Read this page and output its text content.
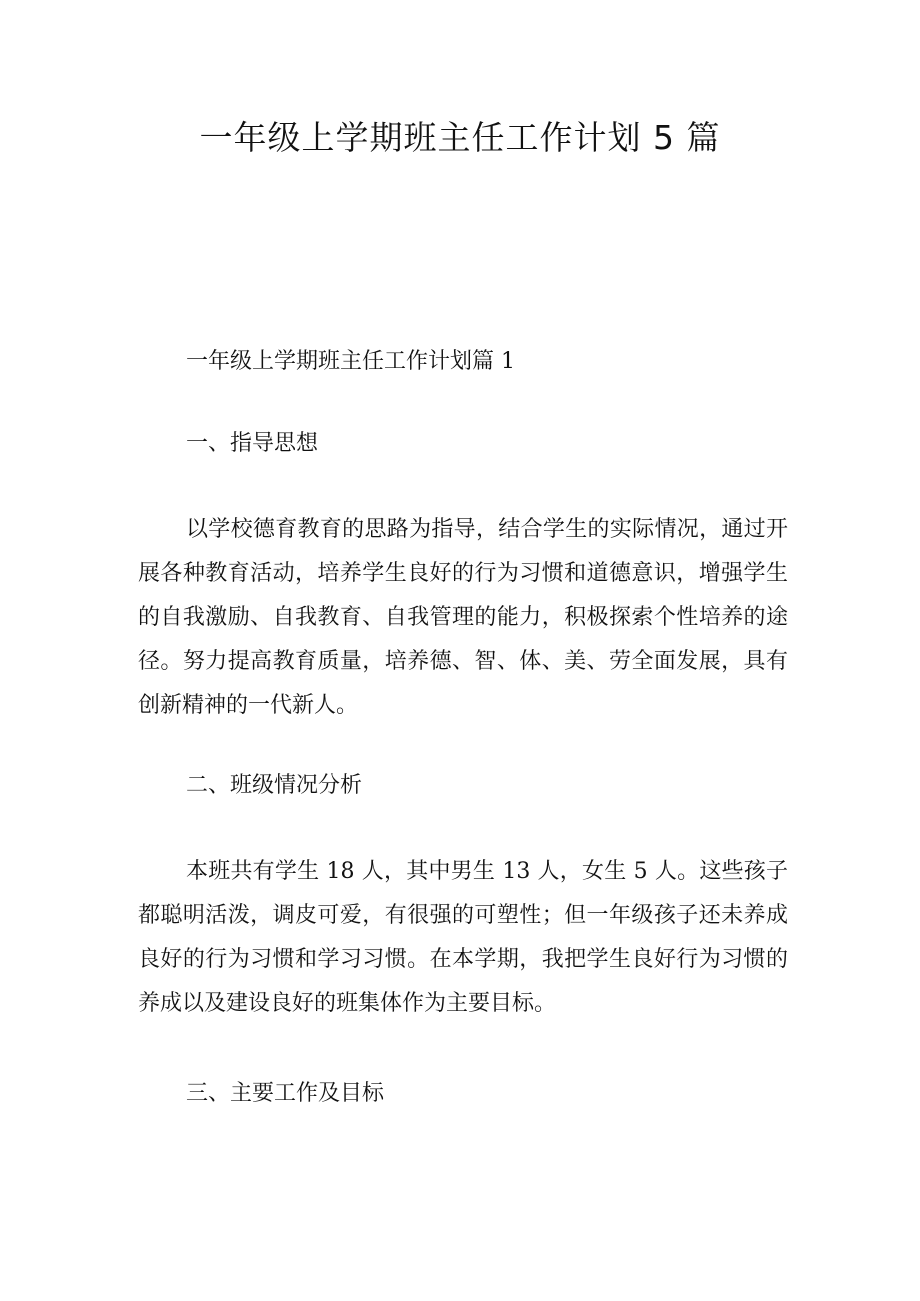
一年级上学期班主任工作计划 5 篇

一年级上学期班主任工作计划篇 1

一、指导思想

以学校德育教育的思路为指导，结合学生的实际情况，通过开展各种教育活动，培养学生良好的行为习惯和道德意识，增强学生的自我激励、自我教育、自我管理的能力，积极探索个性培养的途径。努力提高教育质量，培养德、智、体、美、劳全面发展，具有创新精神的一代新人。

二、班级情况分析

本班共有学生 18 人，其中男生 13 人，女生 5 人。这些孩子都聪明活泼，调皮可爱，有很强的可塑性；但一年级孩子还未养成良好的行为习惯和学习习惯。在本学期，我把学生良好行为习惯的养成以及建设良好的班集体作为主要目标。

三、主要工作及目标
